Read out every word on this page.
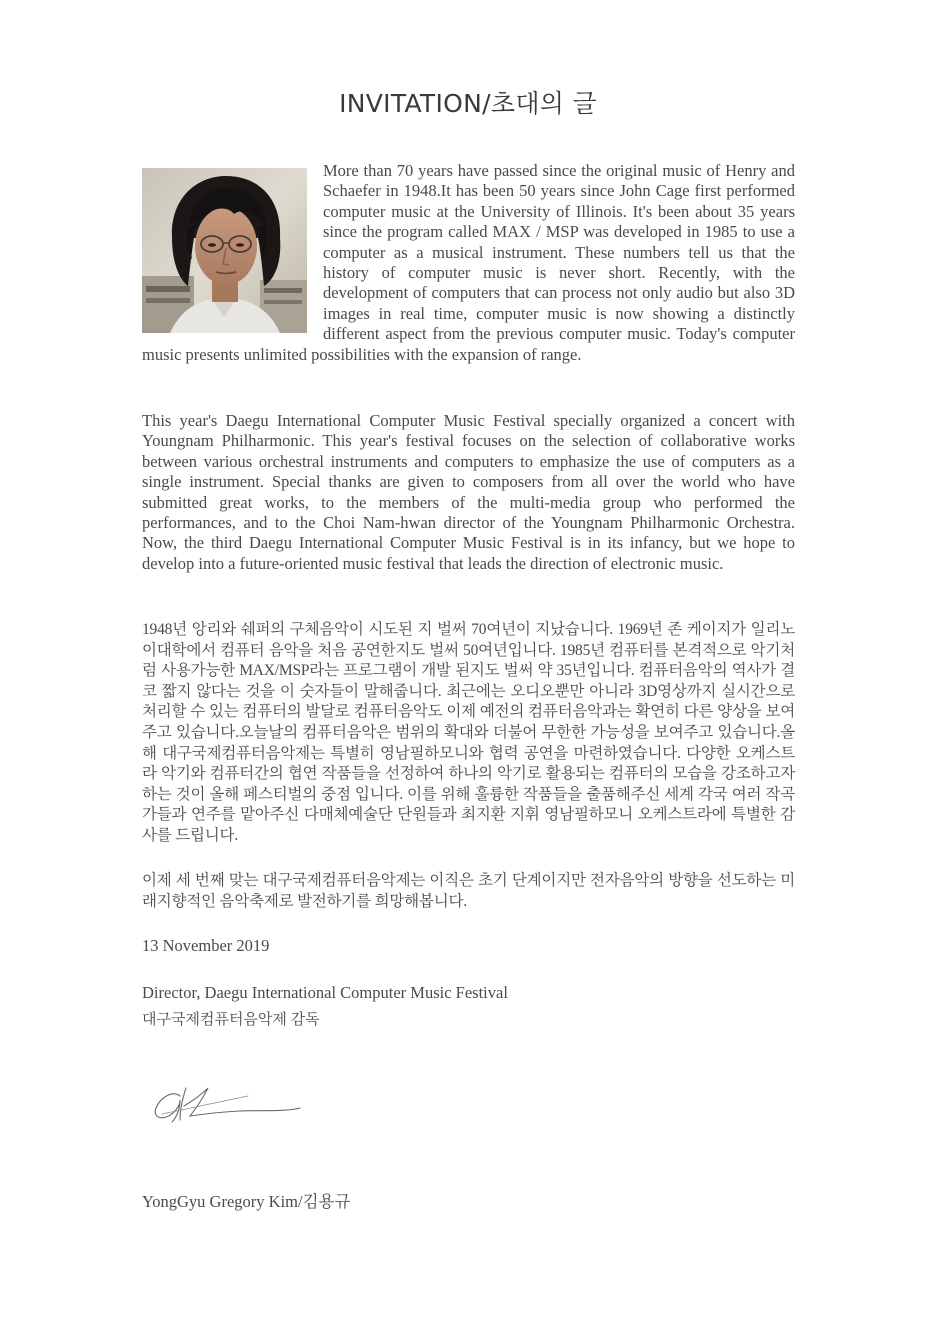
INVITATION/초대의 글
More than 70 years have passed since the original music of Henry and Schaefer in 1948.It has been 50 years since John Cage first performed computer music at the University of Illinois. It's been about 35 years since the program called MAX / MSP was developed in 1985 to use a computer as a musical instrument. These numbers tell us that the history of computer music is never short. Recently, with the development of computers that can process not only audio but also 3D images in real time, computer music is now showing a distinctly different aspect from the previous computer music. Today's computer music presents unlimited possibilities with the expansion of range.
This year's Daegu International Computer Music Festival specially organized a concert with Youngnam Philharmonic. This year's festival focuses on the selection of collaborative works between various orchestral instruments and computers to emphasize the use of computers as a single instrument. Special thanks are given to composers from all over the world who have submitted great works, to the members of the multi-media group who performed the performances, and to the Choi Nam-hwan director of the Youngnam Philharmonic Orchestra. Now, the third Daegu International Computer Music Festival is in its infancy, but we hope to develop into a future-oriented music festival that leads the direction of electronic music.
1948년 앙리와 쉐퍼의 구체음악이 시도된 지 벌써 70여년이 지났습니다. 1969년 존 케이지가 일리노이대학에서 컴퓨터 음악을 처음 공연한지도 벌써 50여년입니다. 1985년 컴퓨터를 본격적으로 악기처럼 사용가능한 MAX/MSP라는 프로그램이 개발 된지도 벌써 약 35년입니다. 컴퓨터음악의 역사가 결코 짧지 않다는 것을 이 숫자들이 말해줍니다. 최근에는 오디오뿐만 아니라 3D영상까지 실시간으로 처리할 수 있는 컴퓨터의 발달로 컴퓨터음악도 이제 예전의 컴퓨터음악과는 확연히 다른 양상을 보여주고 있습니다.오늘날의 컴퓨터음악은 범위의 확대와 더불어 무한한 가능성을 보여주고 있습니다.올해 대구국제컴퓨터음악제는 특별히 영남필하모니와 협력 공연을 마련하였습니다. 다양한 오케스트라 악기와 컴퓨터간의 협연 작품들을 선정하여 하나의 악기로 활용되는 컴퓨터의 모습을 강조하고자 하는 것이 올해 페스티벌의 중점 입니다. 이를 위해 훌륭한 작품들을 출품해주신 세계 각국 여러 작곡가들과 연주를 맡아주신 다매체예술단 단원들과 최지환 지휘 영남필하모니 오케스트라에 특별한 감사를 드립니다.
이제 세 번째 맞는 대구국제컴퓨터음악제는 이직은 초기 단계이지만 전자음악의 방향을 선도하는 미래지향적인 음악축제로 발전하기를 희망해봅니다.
13 November 2019
Director, Daegu International Computer Music Festival
대구국제컴퓨터음악제 감독
YongGyu Gregory Kim/김용규
